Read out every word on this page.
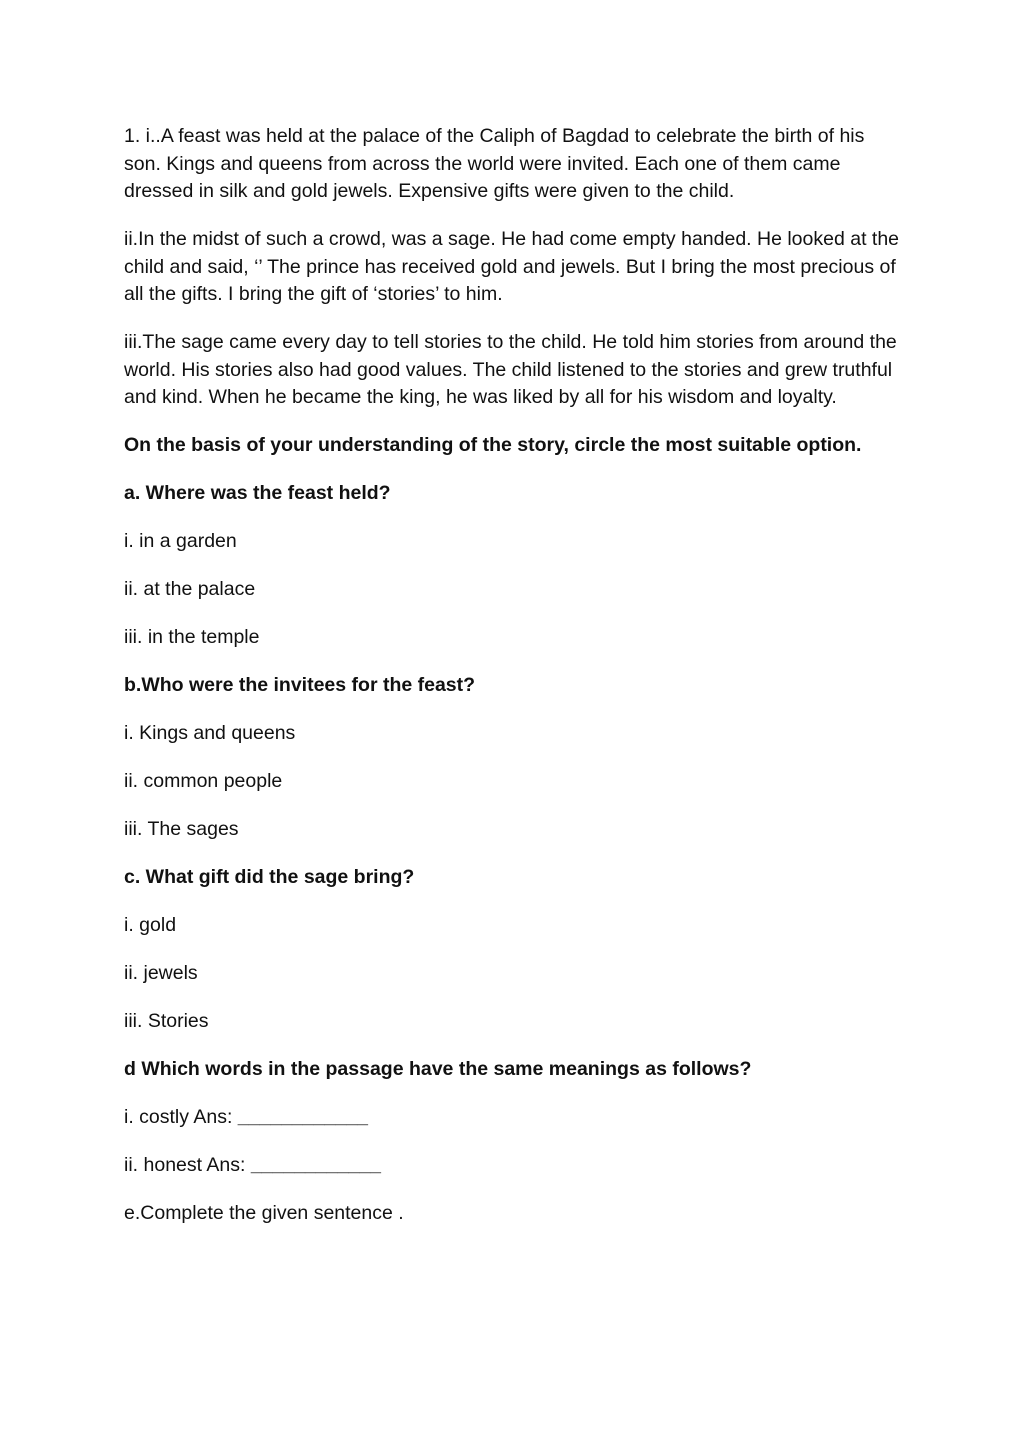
1. i..A feast was held at the palace of the Caliph of Bagdad to celebrate the birth of his son. Kings and queens from across the world were invited. Each one of them came dressed in silk and gold jewels. Expensive gifts were given to the child.

ii.In the midst of such a crowd, was a sage. He had come empty handed. He looked at the child and said, ‘’ The prince has received gold and jewels. But I bring the most precious of all the gifts. I bring the gift of ‘stories’ to him.

iii.The sage came every day to tell stories to the child. He told him stories from around the world. His stories also had good values. The child listened to the stories and grew truthful and kind. When he became the king, he was liked by all for his wisdom and loyalty.

On the basis of your understanding of the story, circle the most suitable option.

a. Where was the feast held?

i. in a garden

ii. at the palace

iii. in the temple

b.Who were the invitees for the feast?

i. Kings and queens

ii. common people

iii. The sages

c. What gift did the sage bring?

i. gold

ii. jewels

iii. Stories

d Which words in the passage have the same meanings as follows?

i. costly Ans: ____________

ii. honest Ans: ____________

e.Complete the given sentence .
